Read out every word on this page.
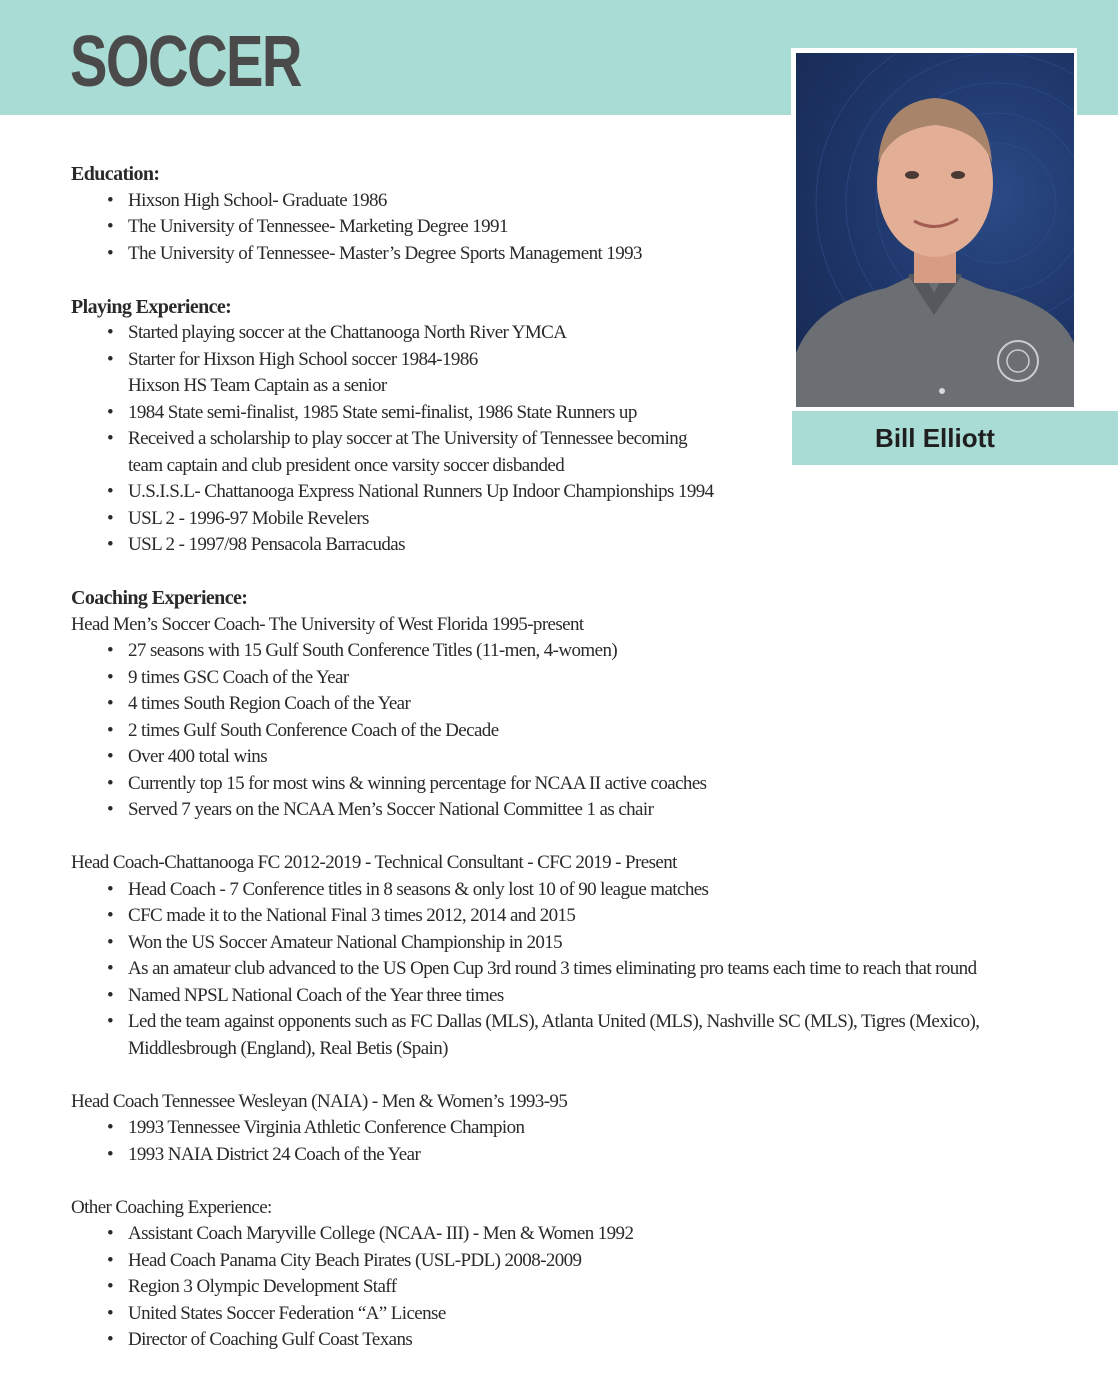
SOCCER
Bill Elliott

Education:

• Hixson High School- Graduate 1986
• The University of Tennessee- Marketing Degree 1991
• The University of Tennessee- Master’s Degree Sports Management 1993

Playing Experience:

• Started playing soccer at the Chattanooga North River YMCA
• Starter for Hixson High School soccer 1984-1986
Hixson HS Team Captain as a senior
• 1984 State semi-finalist, 1985 State semi-finalist, 1986 State Runners up
• Received a scholarship to play soccer at The University of Tennessee becoming
team captain and club president once varsity soccer disbanded
• U.S.I.S.L- Chattanooga Express National Runners Up Indoor Championships 1994
• USL 2 - 1996-97 Mobile Revelers
• USL 2 - 1997/98 Pensacola Barracudas

Coaching Experience:

Head Men’s Soccer Coach- The University of West Florida 1995-present

• 27 seasons with 15 Gulf South Conference Titles (11-men, 4-women)
• 9 times GSC Coach of the Year
• 4 times South Region Coach of the Year
• 2 times Gulf South Conference Coach of the Decade
• Over 400 total wins
• Currently top 15 for most wins & winning percentage for NCAA II active coaches
• Served 7 years on the NCAA Men’s Soccer National Committee 1 as chair

Head Coach-Chattanooga FC 2012-2019 - Technical Consultant - CFC 2019 - Present

• Head Coach - 7 Conference titles in 8 seasons & only lost 10 of 90 league matches
• CFC made it to the National Final 3 times 2012, 2014 and 2015
• Won the US Soccer Amateur National Championship in 2015
• As an amateur club advanced to the US Open Cup 3rd round 3 times eliminating pro teams each time to reach that round
• Named NPSL National Coach of the Year three times
• Led the team against opponents such as FC Dallas (MLS), Atlanta United (MLS), Nashville SC (MLS), Tigres (Mexico),
Middlesbrough (England), Real Betis (Spain)

Head Coach Tennessee Wesleyan (NAIA) - Men & Women’s 1993-95

• 1993 Tennessee Virginia Athletic Conference Champion
• 1993 NAIA District 24 Coach of the Year

Other Coaching Experience:

• Assistant Coach Maryville College (NCAA- III) - Men & Women 1992
• Head Coach Panama City Beach Pirates (USL-PDL) 2008-2009
• Region 3 Olympic Development Staff
• United States Soccer Federation “A” License
• Director of Coaching Gulf Coast Texans
